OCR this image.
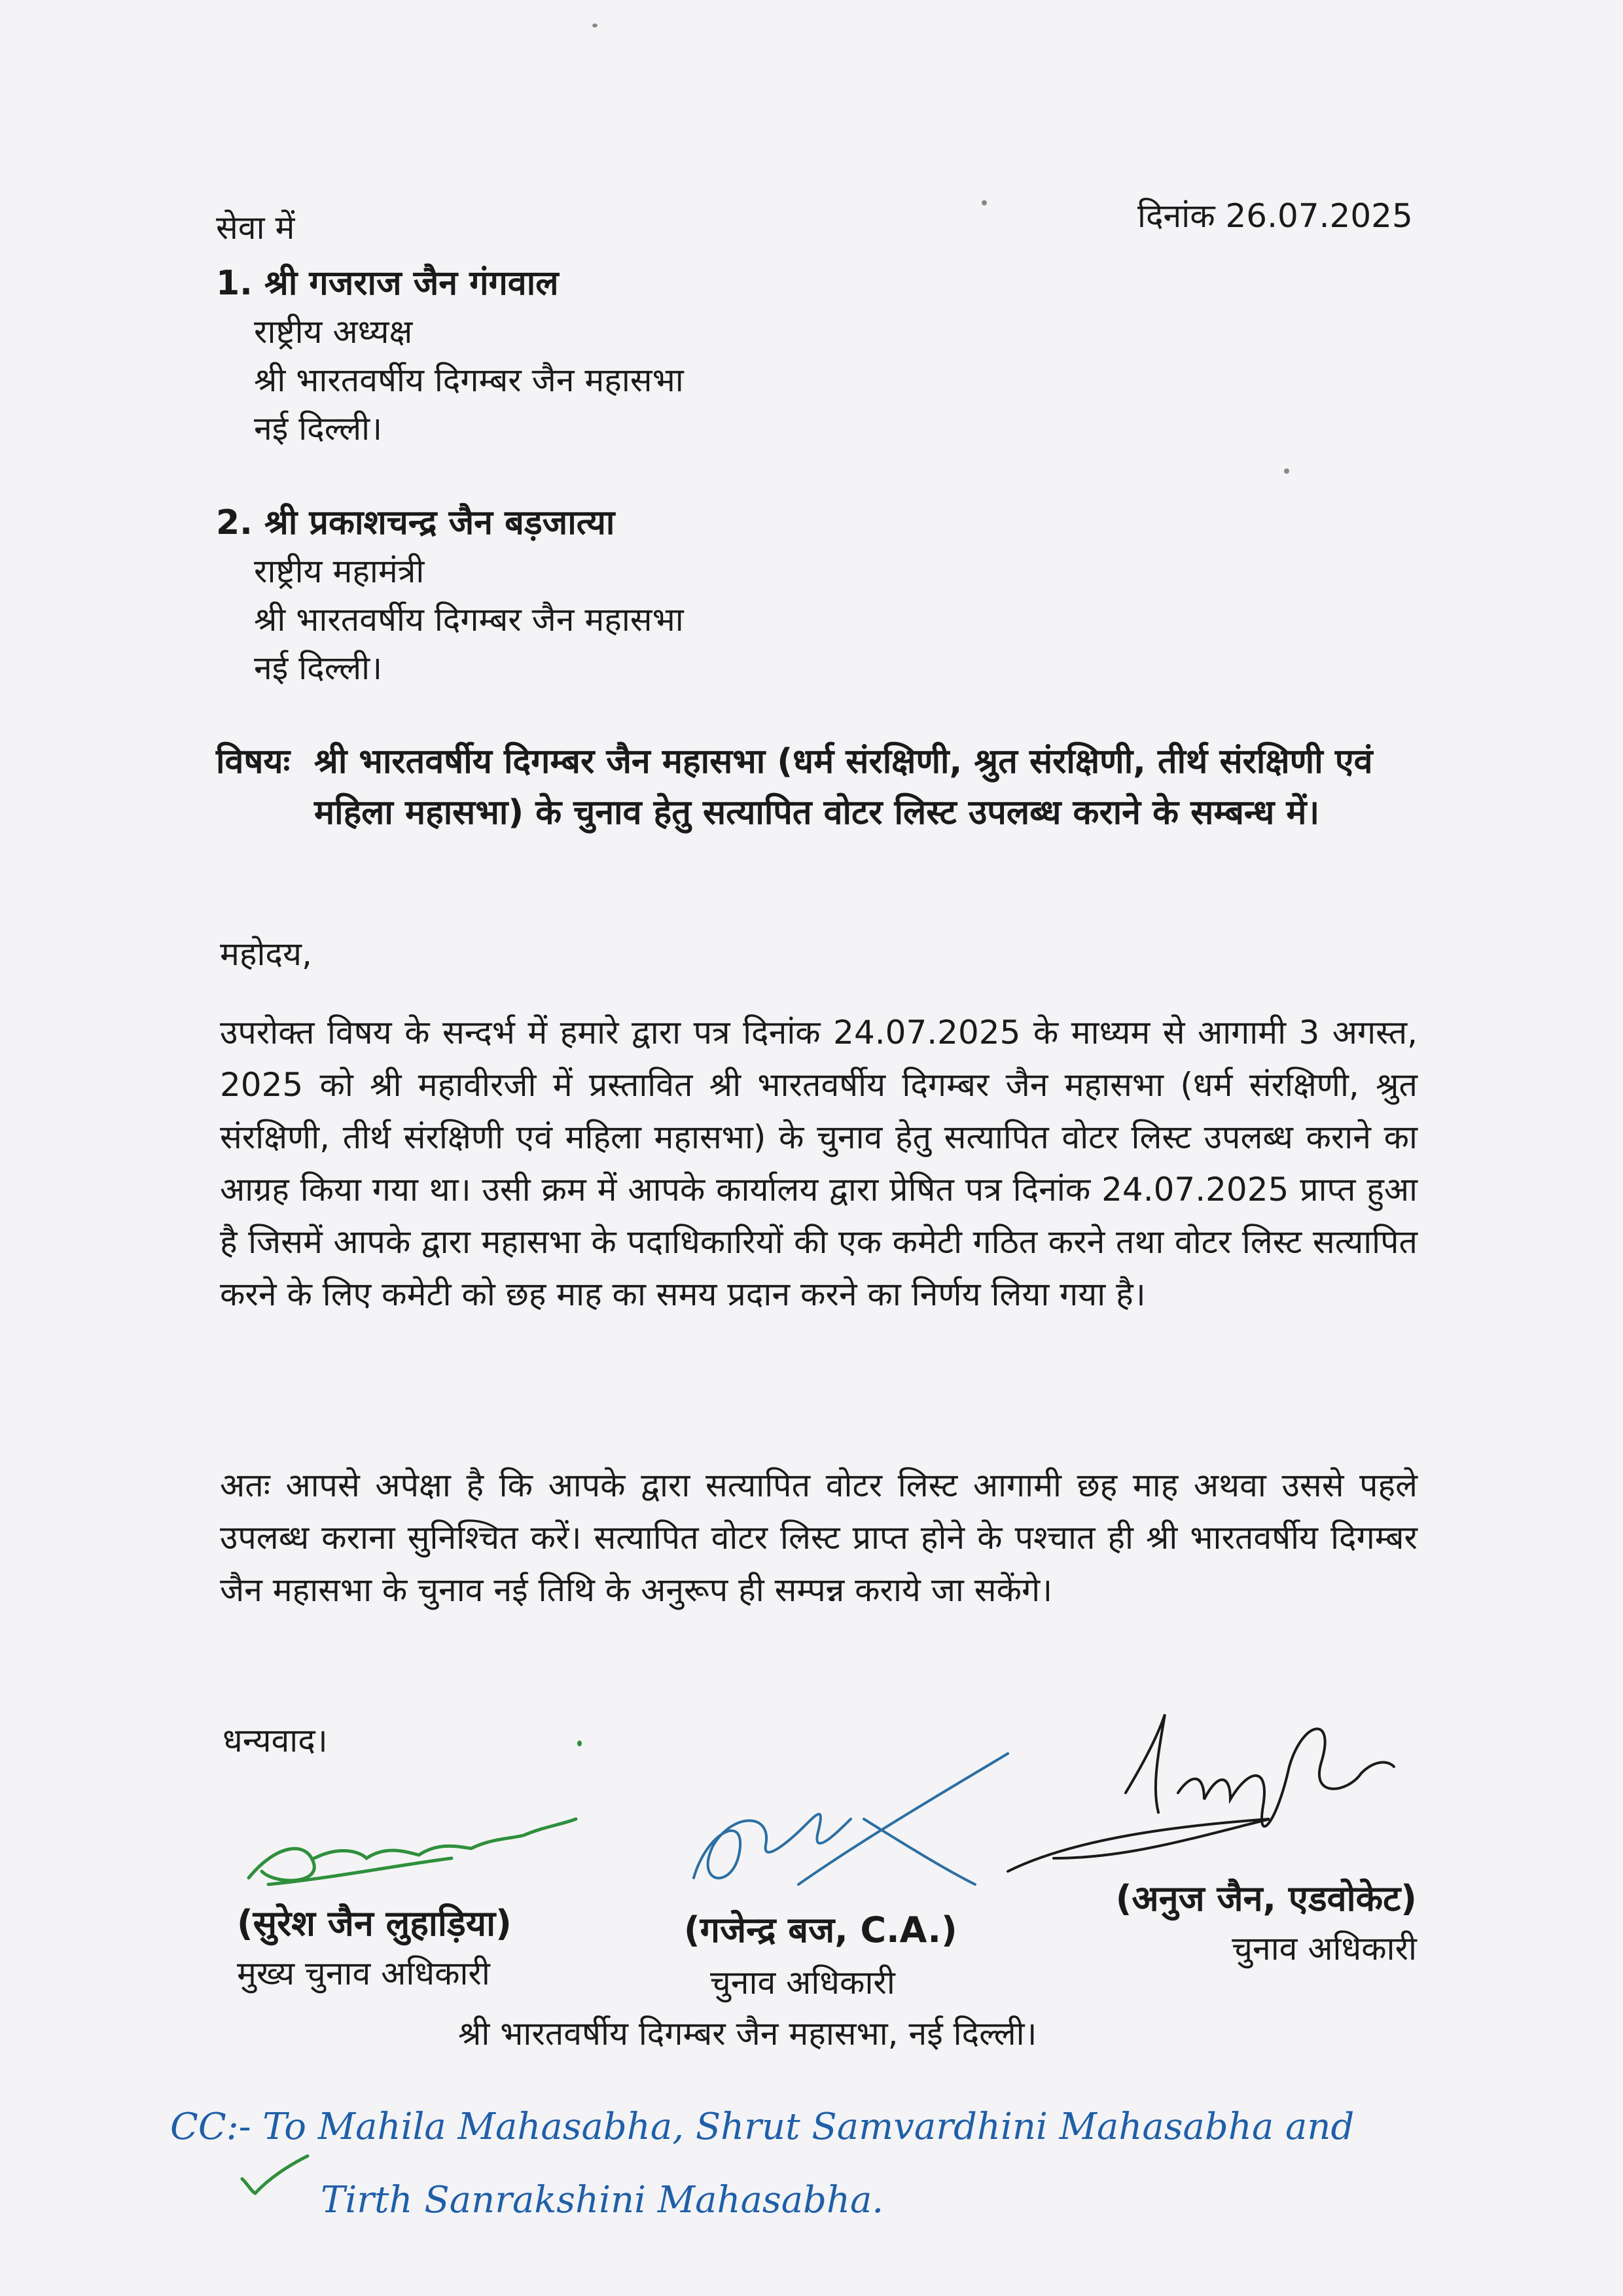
सेवा में	दिनांक 26.07.2025
1. श्री गजराज जैन गंगवाल
राष्ट्रीय अध्यक्ष
श्री भारतवर्षीय दिगम्बर जैन महासभा
नई दिल्ली।
2. श्री प्रकाशचन्द्र जैन बड़जात्या
राष्ट्रीय महामंत्री
श्री भारतवर्षीय दिगम्बर जैन महासभा
नई दिल्ली।
विषयः श्री भारतवर्षीय दिगम्बर जैन महासभा (धर्म संरक्षिणी, श्रुत संरक्षिणी, तीर्थ संरक्षिणी एवं महिला महासभा) के चुनाव हेतु सत्यापित वोटर लिस्ट उपलब्ध कराने के सम्बन्ध में।
महोदय,
उपरोक्त विषय के सन्दर्भ में हमारे द्वारा पत्र दिनांक 24.07.2025 के माध्यम से आगामी 3 अगस्त, 2025 को श्री महावीरजी में प्रस्तावित श्री भारतवर्षीय दिगम्बर जैन महासभा (धर्म संरक्षिणी, श्रुत संरक्षिणी, तीर्थ संरक्षिणी एवं महिला महासभा) के चुनाव हेतु सत्यापित वोटर लिस्ट उपलब्ध कराने का आग्रह किया गया था। उसी क्रम में आपके कार्यालय द्वारा प्रेषित पत्र दिनांक 24.07.2025 प्राप्त हुआ है जिसमें आपके द्वारा महासभा के पदाधिकारियों की एक कमेटी गठित करने तथा वोटर लिस्ट सत्यापित करने के लिए कमेटी को छह माह का समय प्रदान करने का निर्णय लिया गया है।
अतः आपसे अपेक्षा है कि आपके द्वारा सत्यापित वोटर लिस्ट आगामी छह माह अथवा उससे पहले उपलब्ध कराना सुनिश्चित करें। सत्यापित वोटर लिस्ट प्राप्त होने के पश्चात ही श्री भारतवर्षीय दिगम्बर जैन महासभा के चुनाव नई तिथि के अनुरूप ही सम्पन्न कराये जा सकेंगे।
धन्यवाद।
(सुरेश जैन लुहाड़िया)
मुख्य चुनाव अधिकारी
(गजेन्द्र बज, C.A.)
चुनाव अधिकारी
(अनुज जैन, एडवोकेट)
चुनाव अधिकारी
श्री भारतवर्षीय दिगम्बर जैन महासभा, नई दिल्ली।
CC:- To Mahila Mahasabha, Shrut Samvardhini Mahasabha and
Tirth Sanrakshini Mahasabha.
